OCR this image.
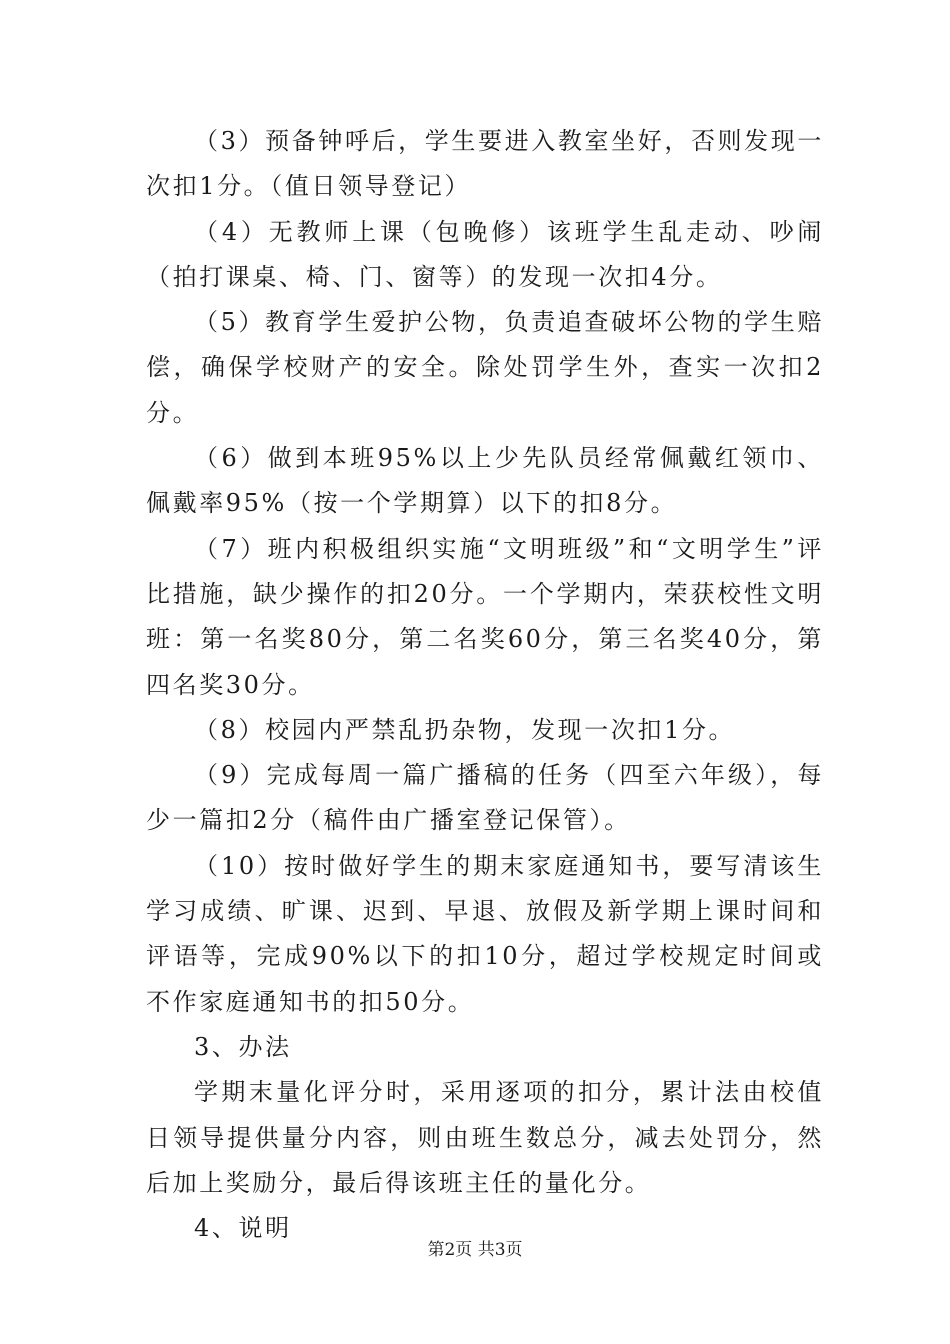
（3）预备钟呼后，学生要进入教室坐好，否则发现一次扣1分。（值日领导登记）

（4）无教师上课（包晚修）该班学生乱走动、吵闹（拍打课桌、椅、门、窗等）的发现一次扣4分。

（5）教育学生爱护公物，负责追查破坏公物的学生赔偿，确保学校财产的安全。除处罚学生外，查实一次扣2分。

（6）做到本班95%以上少先队员经常佩戴红领巾、佩戴率95%（按一个学期算）以下的扣8分。

（7）班内积极组织实施“文明班级”和“文明学生”评比措施，缺少操作的扣20分。一个学期内，荣获校性文明班：第一名奖80分，第二名奖60分，第三名奖40分，第四名奖30分。

（8）校园内严禁乱扔杂物，发现一次扣1分。

（9）完成每周一篇广播稿的任务（四至六年级），每少一篇扣2分（稿件由广播室登记保管）。

（10）按时做好学生的期末家庭通知书，要写清该生学习成绩、旷课、迟到、早退、放假及新学期上课时间和评语等，完成90%以下的扣10分，超过学校规定时间或不作家庭通知书的扣50分。

3、办法

学期末量化评分时，采用逐项的扣分，累计法由校值日领导提供量分内容，则由班生数总分，减去处罚分，然后加上奖励分，最后得该班主任的量化分。

4、说明

第2页 共3页
